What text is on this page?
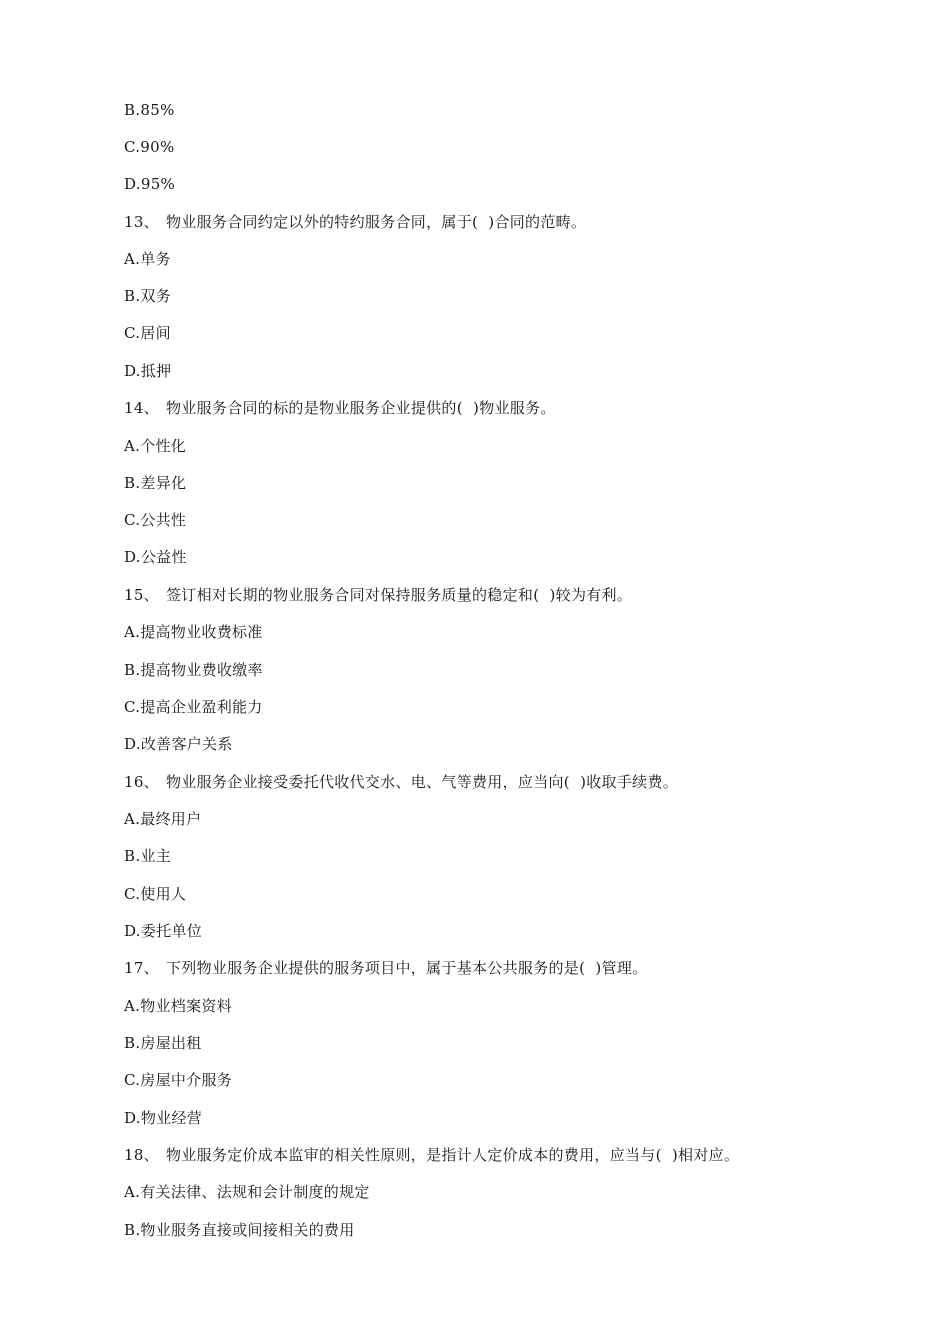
B.85%
C.90%
D.95%
13、 物业服务合同约定以外的特约服务合同，属于(  )合同的范畴。
A.单务
B.双务
C.居间
D.抵押
14、 物业服务合同的标的是物业服务企业提供的(  )物业服务。
A.个性化
B.差异化
C.公共性
D.公益性
15、 签订相对长期的物业服务合同对保持服务质量的稳定和(  )较为有利。
A.提高物业收费标准
B.提高物业费收缴率
C.提高企业盈利能力
D.改善客户关系
16、 物业服务企业接受委托代收代交水、电、气等费用，应当向(  )收取手续费。
A.最终用户
B.业主
C.使用人
D.委托单位
17、 下列物业服务企业提供的服务项目中，属于基本公共服务的是(  )管理。
A.物业档案资料
B.房屋出租
C.房屋中介服务
D.物业经营
18、 物业服务定价成本监审的相关性原则，是指计人定价成本的费用，应当与(  )相对应。
A.有关法律、法规和会计制度的规定
B.物业服务直接或间接相关的费用
